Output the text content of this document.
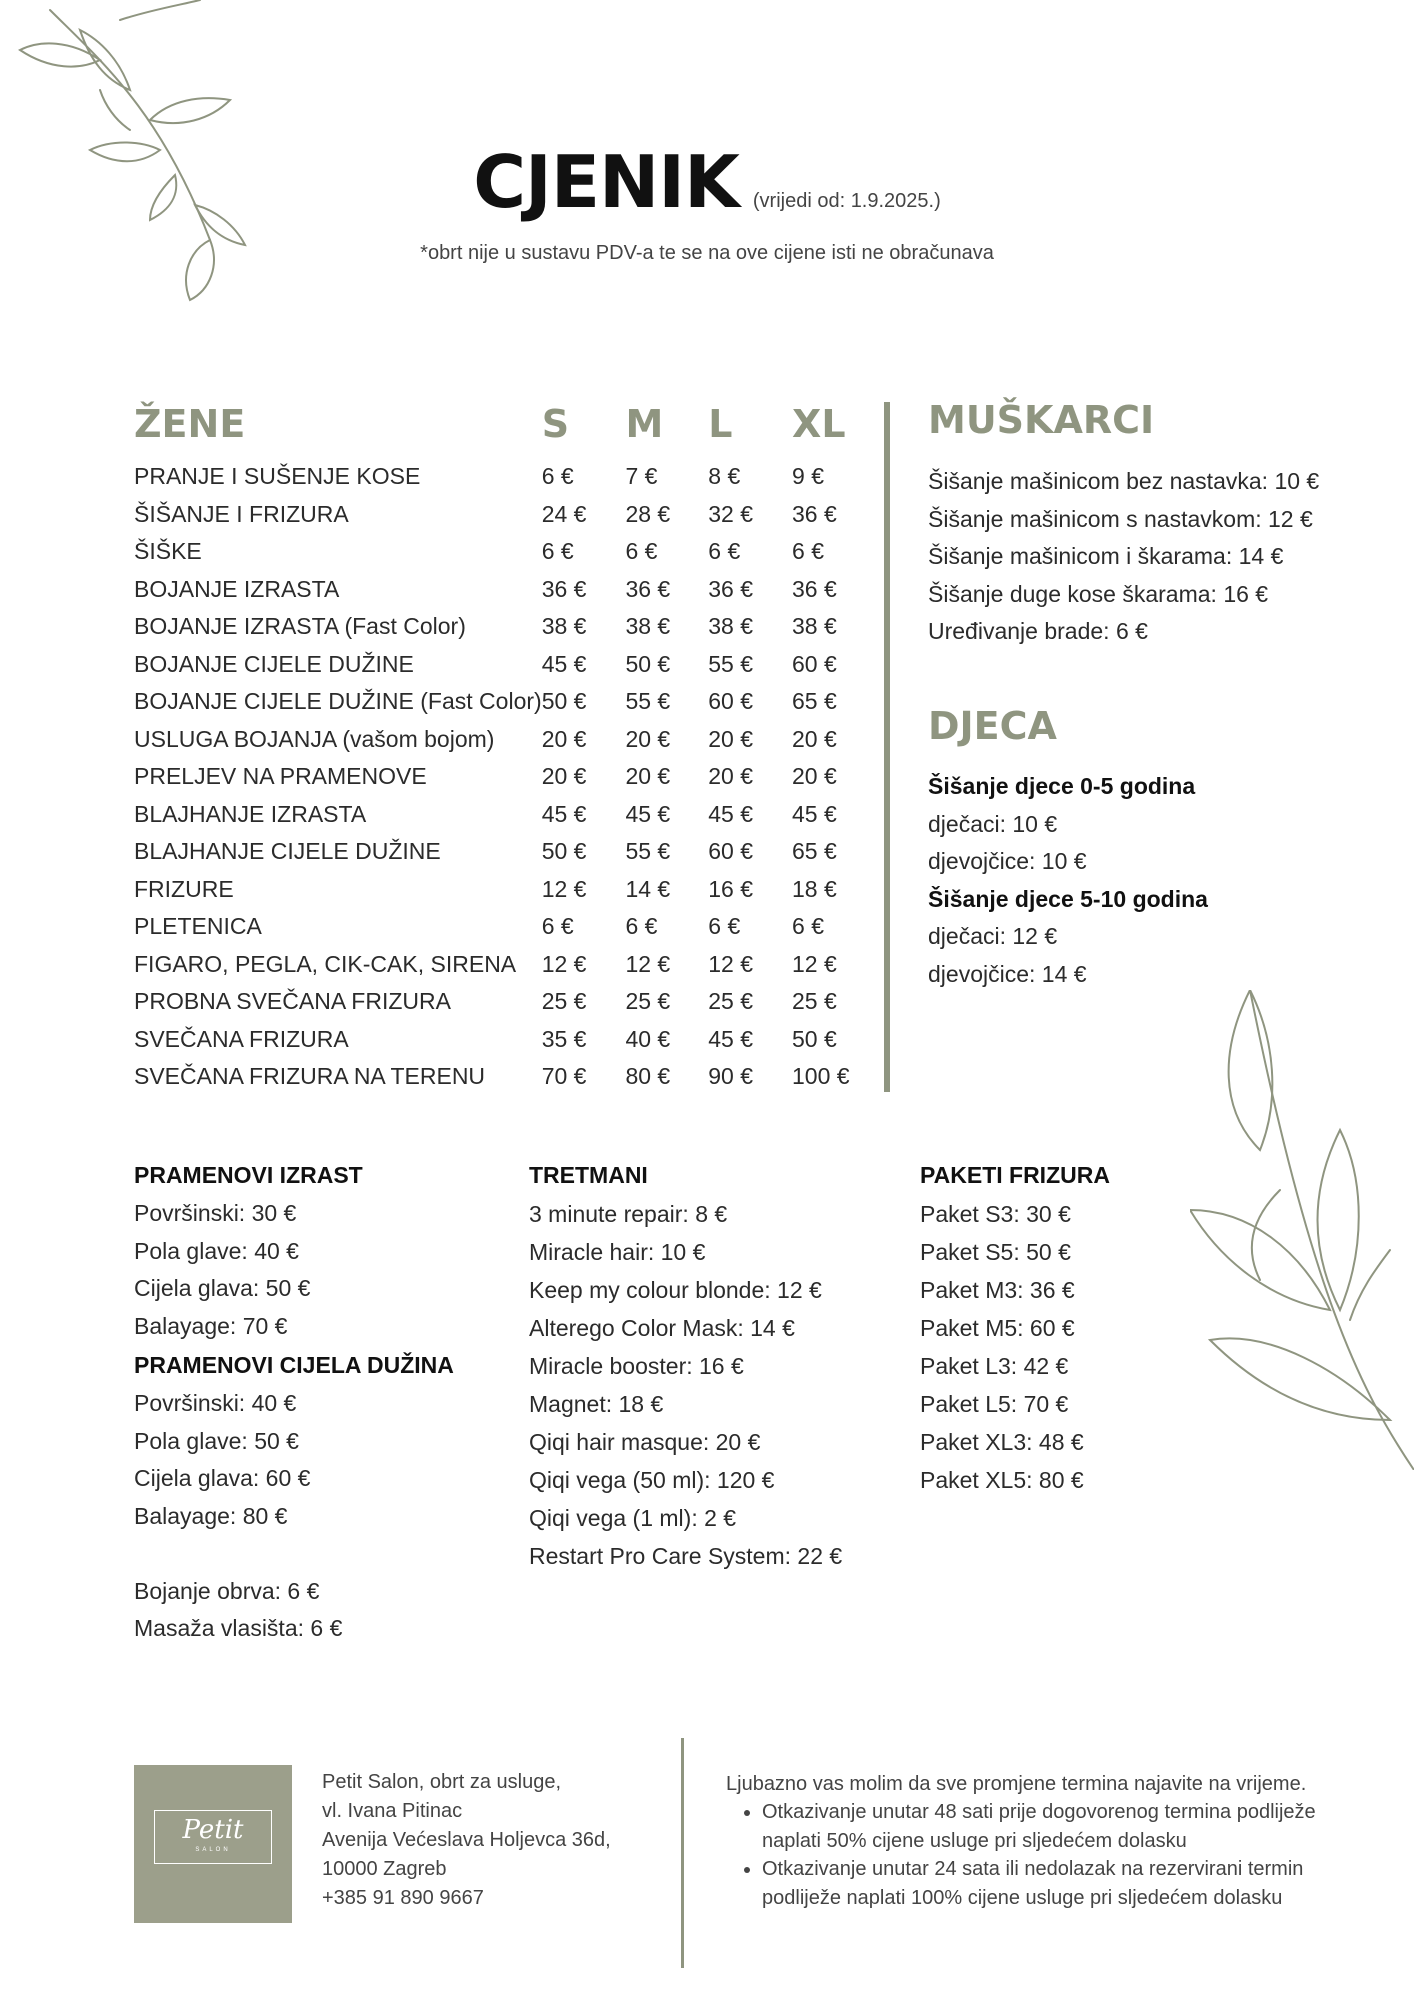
CJENIK (vrijedi od: 1.9.2025.)
*obrt nije u sustavu PDV-a te se na ove cijene isti ne obračunava
ŽENE	S	M	L	XL
PRANJE I SUŠENJE KOSE	6 €	7 €	8 €	9 €
ŠIŠANJE I FRIZURA	24 €	28 €	32 €	36 €
ŠIŠKE	6 €	6 €	6 €	6 €
BOJANJE IZRASTA	36 €	36 €	36 €	36 €
BOJANJE IZRASTA (Fast Color)	38 €	38 €	38 €	38 €
BOJANJE CIJELE DUŽINE	45 €	50 €	55 €	60 €
BOJANJE CIJELE DUŽINE (Fast Color)	50 €	55 €	60 €	65 €
USLUGA BOJANJA (vašom bojom)	20 €	20 €	20 €	20 €
PRELJEV NA PRAMENOVE	20 €	20 €	20 €	20 €
BLAJHANJE IZRASTA	45 €	45 €	45 €	45 €
BLAJHANJE CIJELE DUŽINE	50 €	55 €	60 €	65 €
FRIZURE	12 €	14 €	16 €	18 €
PLETENICA	6 €	6 €	6 €	6 €
FIGARO, PEGLA, CIK-CAK, SIRENA	12 €	12 €	12 €	12 €
PROBNA SVEČANA FRIZURA	25 €	25 €	25 €	25 €
SVEČANA FRIZURA	35 €	40 €	45 €	50 €
SVEČANA FRIZURA NA TERENU	70 €	80 €	90 €	100 €
MUŠKARCI
Šišanje mašinicom bez nastavka: 10 €
Šišanje mašinicom s nastavkom: 12 €
Šišanje mašinicom i škarama: 14 €
Šišanje duge kose škarama: 16 €
Uređivanje brade: 6 €
DJECA
Šišanje djece 0-5 godina
dječaci: 10 €
djevojčice: 10 €
Šišanje djece 5-10 godina
dječaci: 12 €
djevojčice: 14 €
PRAMENOVI IZRAST
Površinski: 30 €
Pola glave: 40 €
Cijela glava: 50 €
Balayage: 70 €
PRAMENOVI CIJELA DUŽINA
Površinski: 40 €
Pola glave: 50 €
Cijela glava: 60 €
Balayage: 80 €
Bojanje obrva: 6 €
Masaža vlasišta: 6 €
TRETMANI
3 minute repair: 8 €
Miracle hair: 10 €
Keep my colour blonde: 12 €
Alterego Color Mask: 14 €
Miracle booster: 16 €
Magnet: 18 €
Qiqi hair masque: 20 €
Qiqi vega (50 ml): 120 €
Qiqi vega (1 ml): 2 €
Restart Pro Care System: 22 €
PAKETI FRIZURA
Paket S3: 30 €
Paket S5: 50 €
Paket M3: 36 €
Paket M5: 60 €
Paket L3: 42 €
Paket L5: 70 €
Paket XL3: 48 €
Paket XL5: 80 €
Petit
SALON
Petit Salon, obrt za usluge,
vl. Ivana Pitinac
Avenija Većeslava Holjevca 36d,
10000 Zagreb
+385 91 890 9667
Ljubazno vas molim da sve promjene termina najavite na vrijeme.
• Otkazivanje unutar 48 sati prije dogovorenog termina podliježe naplati 50% cijene usluge pri sljedećem dolasku
• Otkazivanje unutar 24 sata ili nedolazak na rezervirani termin podliježe naplati 100% cijene usluge pri sljedećem dolasku
